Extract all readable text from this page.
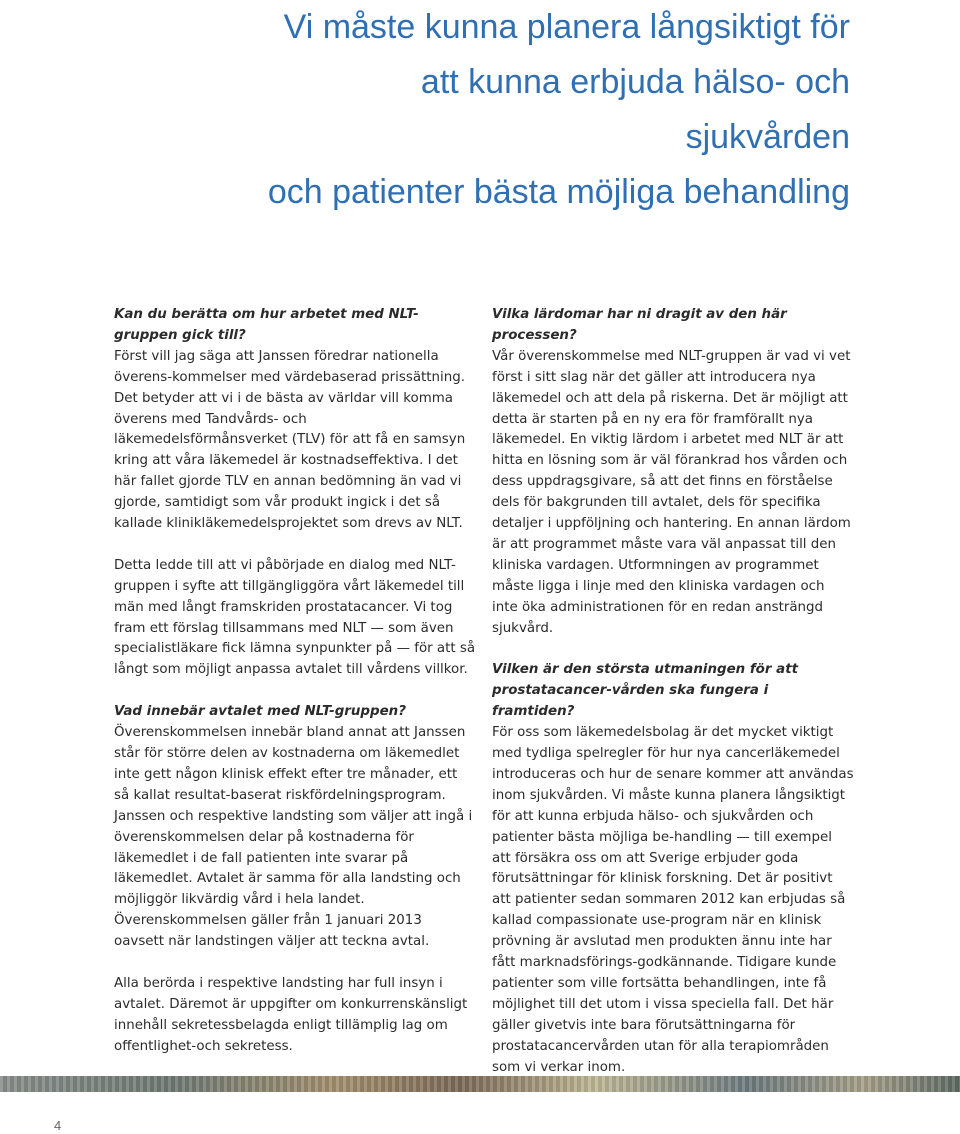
Vi måste kunna planera långsiktigt för
att kunna erbjuda hälso- och sjukvården
och patienter bästa möjliga behandling

Kan du berätta om hur arbetet med NLT-gruppen gick till?
Först vill jag säga att Janssen föredrar nationella överens-kommelser med värdebaserad prissättning. Det betyder att vi i de bästa av världar vill komma överens med Tandvårds- och läkemedelsförmånsverket (TLV) för att få en samsyn kring att våra läkemedel är kostnadseffektiva. I det här fallet gjorde TLV en annan bedömning än vad vi gjorde, samtidigt som vår produkt ingick i det så kallade klinikläkemedelsprojektet som drevs av NLT.

Detta ledde till att vi påbörjade en dialog med NLT-gruppen i syfte att tillgängliggöra vårt läkemedel till män med långt framskriden prostatacancer. Vi tog fram ett förslag tillsammans med NLT — som även specialistläkare fick lämna synpunkter på — för att så långt som möjligt anpassa avtalet till vårdens villkor.

Vad innebär avtalet med NLT-gruppen?
Överenskommelsen innebär bland annat att Janssen står för större delen av kostnaderna om läkemedlet inte gett någon klinisk effekt efter tre månader, ett så kallat resultat-baserat riskfördelningsprogram. Janssen och respektive landsting som väljer att ingå i överenskommelsen delar på kostnaderna för läkemedlet i de fall patienten inte svarar på läkemedlet. Avtalet är samma för alla landsting och möjliggör likvärdig vård i hela landet. Överenskommelsen gäller från 1 januari 2013 oavsett när landstingen väljer att teckna avtal.

Alla berörda i respektive landsting har full insyn i avtalet. Däremot är uppgifter om konkurrenskänsligt innehåll sekretessbelagda enligt tillämplig lag om offentlighet-och sekretess.

Vilka lärdomar har ni dragit av den här processen?
Vår överenskommelse med NLT-gruppen är vad vi vet först i sitt slag när det gäller att introducera nya läkemedel och att dela på riskerna. Det är möjligt att detta är starten på en ny era för framförallt nya läkemedel. En viktig lärdom i arbetet med NLT är att hitta en lösning som är väl förankrad hos vården och dess uppdragsgivare, så att det finns en förståelse dels för bakgrunden till avtalet, dels för specifika detaljer i uppföljning och hantering. En annan lärdom är att programmet måste vara väl anpassat till den kliniska vardagen. Utformningen av programmet måste ligga i linje med den kliniska vardagen och inte öka administrationen för en redan ansträngd sjukvård.

Vilken är den största utmaningen för att prostatacancer-vården ska fungera i framtiden?
För oss som läkemedelsbolag är det mycket viktigt med tydliga spelregler för hur nya cancerläkemedel introduceras och hur de senare kommer att användas inom sjukvården. Vi måste kunna planera långsiktigt för att kunna erbjuda hälso- och sjukvården och patienter bästa möjliga be-handling — till exempel att försäkra oss om att Sverige erbjuder goda förutsättningar för klinisk forskning. Det är positivt att patienter sedan sommaren 2012 kan erbjudas så kallad compassionate use-program när en klinisk prövning är avslutad men produkten ännu inte har fått marknadsförings-godkännande. Tidigare kunde patienter som ville fortsätta behandlingen, inte få möjlighet till det utom i vissa speciella fall. Det här gäller givetvis inte bara förutsättningarna för prostatacancervården utan för alla terapiområden som vi verkar inom.

4
